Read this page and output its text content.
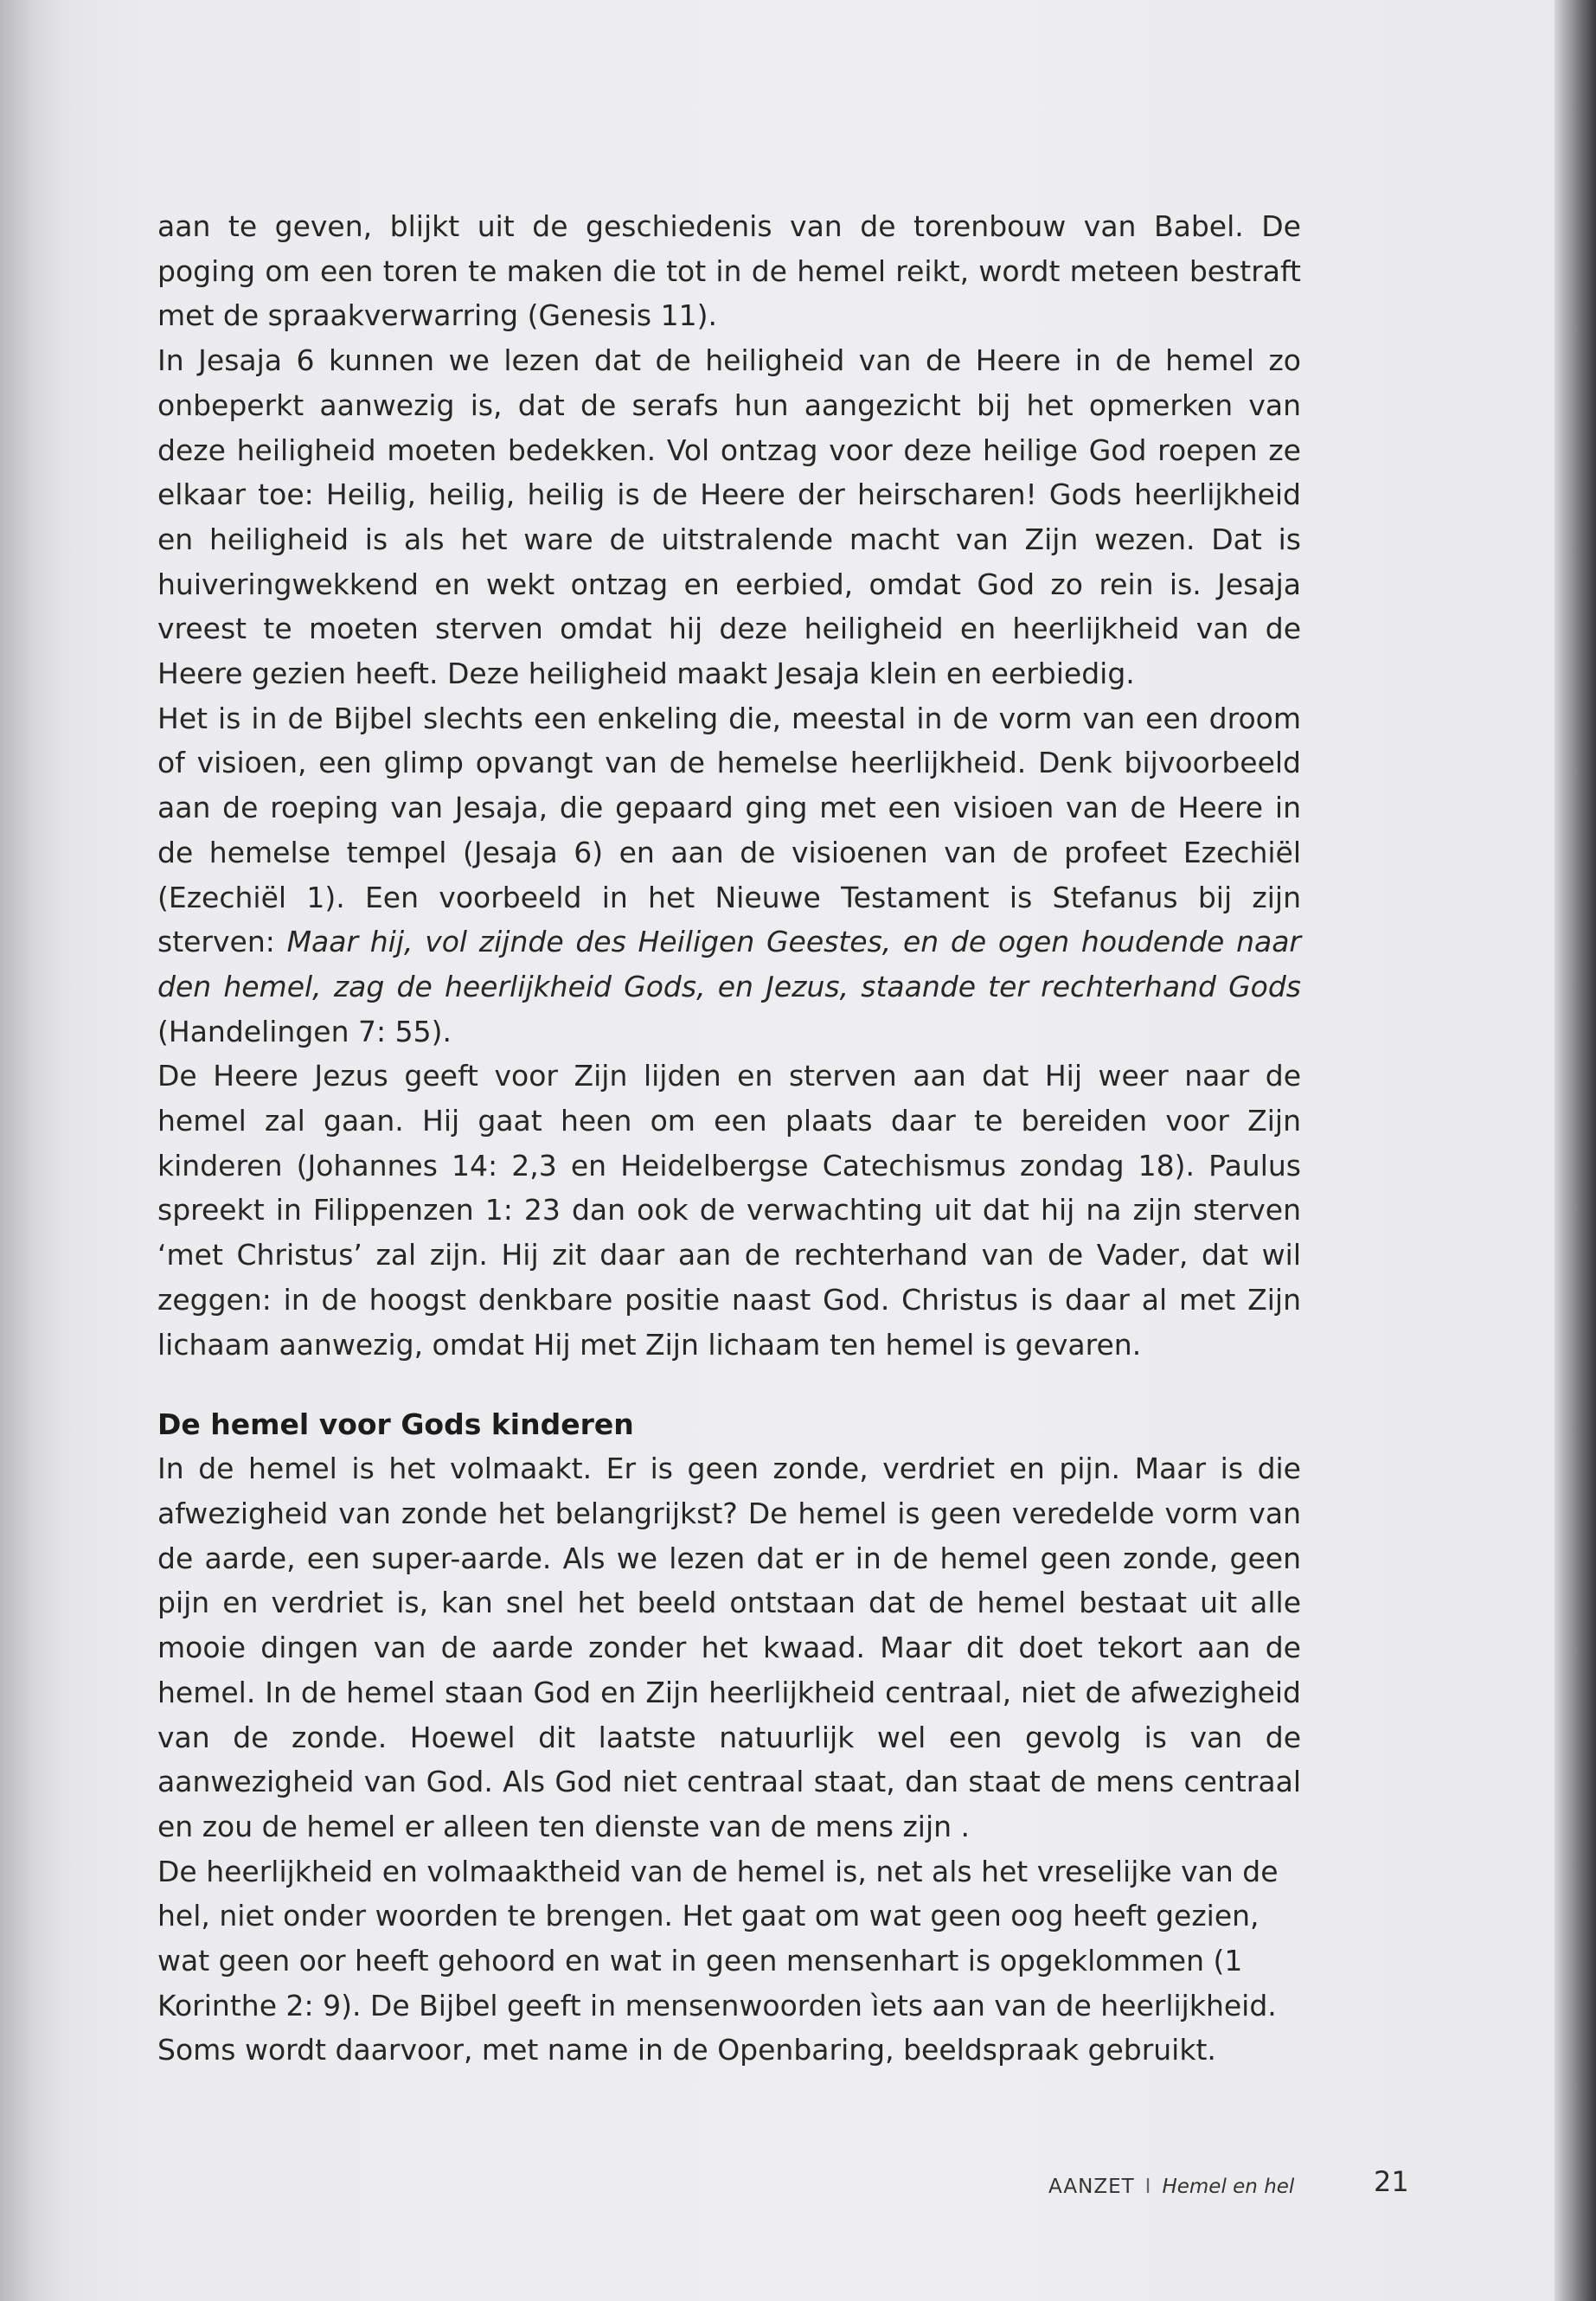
aan te geven, blijkt uit de geschiedenis van de torenbouw van Babel. De poging om een toren te maken die tot in de hemel reikt, wordt meteen bestraft met de spraakverwarring (Genesis 11).

In Jesaja 6 kunnen we lezen dat de heiligheid van de Heere in de hemel zo onbeperkt aanwezig is, dat de serafs hun aangezicht bij het opmerken van deze heiligheid moeten bedekken. Vol ontzag voor deze heilige God roepen ze elkaar toe: Heilig, heilig, heilig is de Heere der heirscharen! Gods heerlijkheid en heiligheid is als het ware de uitstralende macht van Zijn wezen. Dat is huiveringwekkend en wekt ontzag en eerbied, omdat God zo rein is. Jesaja vreest te moeten sterven omdat hij deze heiligheid en heerlijkheid van de Heere gezien heeft. Deze heiligheid maakt Jesaja klein en eerbiedig.

Het is in de Bijbel slechts een enkeling die, meestal in de vorm van een droom of visioen, een glimp opvangt van de hemelse heerlijkheid. Denk bijvoorbeeld aan de roeping van Jesaja, die gepaard ging met een visioen van de Heere in de hemelse tempel (Jesaja 6) en aan de visioenen van de profeet Ezechiël (Ezechiël 1). Een voorbeeld in het Nieuwe Testament is Stefanus bij zijn sterven: Maar hij, vol zijnde des Heiligen Geestes, en de ogen houdende naar den hemel, zag de heerlijkheid Gods, en Jezus, staande ter rechterhand Gods (Handelingen 7: 55).

De Heere Jezus geeft voor Zijn lijden en sterven aan dat Hij weer naar de hemel zal gaan. Hij gaat heen om een plaats daar te bereiden voor Zijn kinderen (Johannes 14: 2,3 en Heidelbergse Catechismus zondag 18). Paulus spreekt in Filippenzen 1: 23 dan ook de verwachting uit dat hij na zijn sterven ‘met Christus’ zal zijn. Hij zit daar aan de rechterhand van de Vader, dat wil zeggen: in de hoogst denkbare positie naast God. Christus is daar al met Zijn lichaam aanwezig, omdat Hij met Zijn lichaam ten hemel is gevaren.

De hemel voor Gods kinderen

In de hemel is het volmaakt. Er is geen zonde, verdriet en pijn. Maar is die afwezigheid van zonde het belangrijkst? De hemel is geen veredelde vorm van de aarde, een super-aarde. Als we lezen dat er in de hemel geen zonde, geen pijn en verdriet is, kan snel het beeld ontstaan dat de hemel bestaat uit alle mooie dingen van de aarde zonder het kwaad. Maar dit doet tekort aan de hemel. In de hemel staan God en Zijn heerlijkheid centraal, niet de afwezigheid van de zonde. Hoewel dit laatste natuurlijk wel een gevolg is van de aanwezigheid van God. Als God niet centraal staat, dan staat de mens centraal en zou de hemel er alleen ten dienste van de mens zijn .

De heerlijkheid en volmaaktheid van de hemel is, net als het vreselijke van de hel, niet onder woorden te brengen. Het gaat om wat geen oog heeft gezien, wat geen oor heeft gehoord en wat in geen mensenhart is opgeklommen (1 Korinthe 2: 9). De Bijbel geeft in mensenwoorden ìets aan van de heerlijkheid. Soms wordt daarvoor, met name in de Openbaring, beeldspraak gebruikt.

AANZET I Hemel en hel	21
